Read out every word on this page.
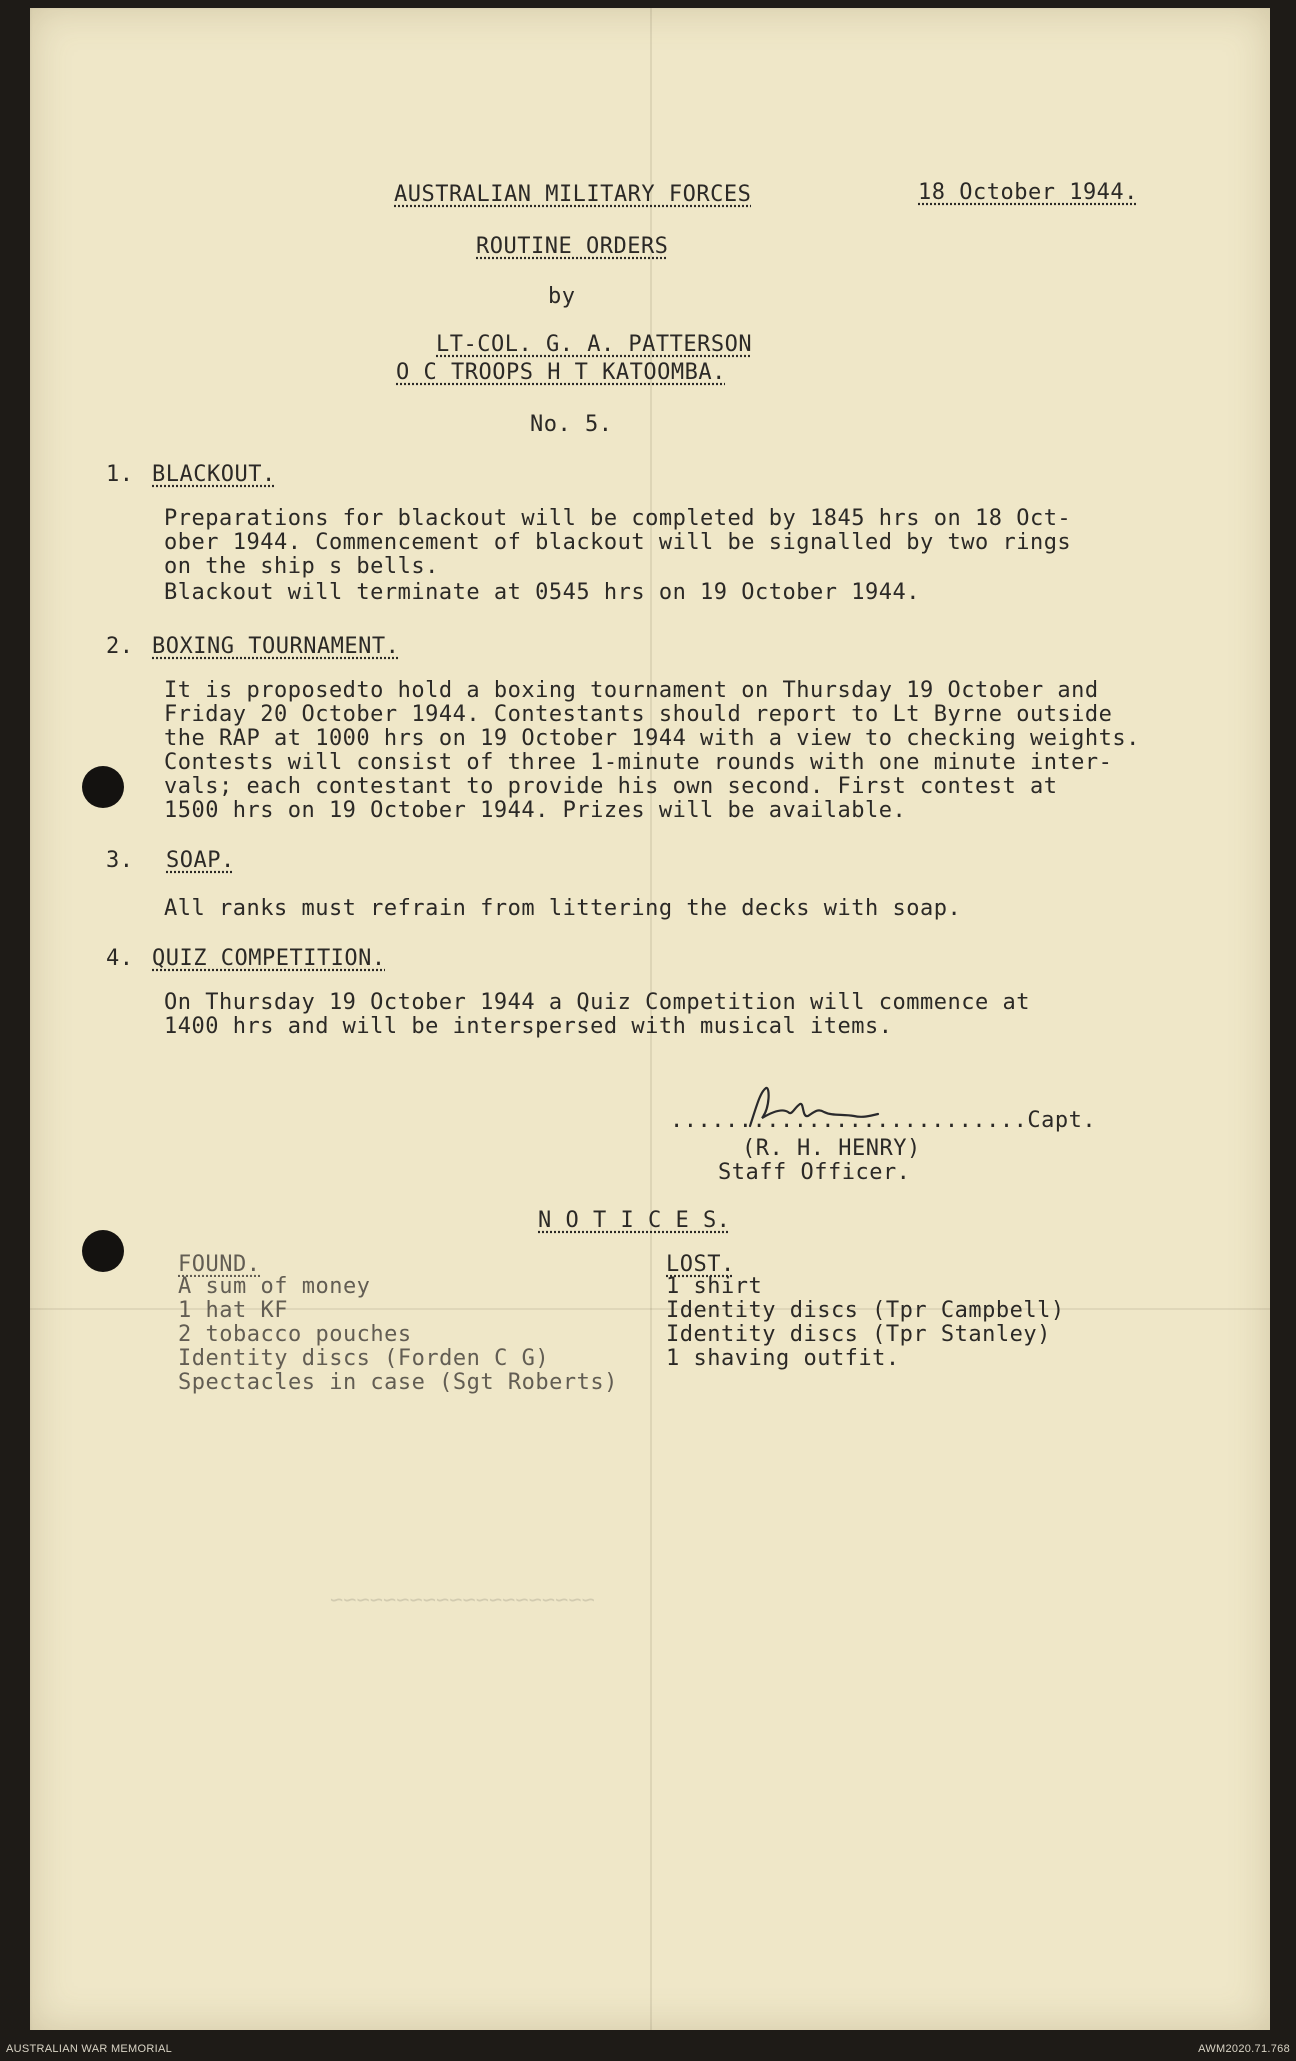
~~~~~~~~~~~~~~~~~~~~

AUSTRALIAN MILITARY FORCES	18 October 1944.

ROUTINE ORDERS

by

LT-COL. G. A. PATTERSON

O C TROOPS H T KATOOMBA.

No. 5.

1. BLACKOUT.

Preparations for blackout will be completed by 1845 hrs on 18 Oct-

ober 1944. Commencement of blackout will be signalled by two rings

on the ship s bells.

Blackout will terminate at 0545 hrs on 19 October 1944.

2. BOXING TOURNAMENT.

It is proposedto hold a boxing tournament on Thursday 19 October and

Friday 20 October 1944. Contestants should report to Lt Byrne outside

the RAP at 1000 hrs on 19 October 1944 with a view to checking weights.

Contests will consist of three 1-minute rounds with one minute inter-

vals; each contestant to provide his own second. First contest at

1500 hrs on 19 October 1944. Prizes will be available.

3. SOAP.

All ranks must refrain from littering the decks with soap.

4. QUIZ COMPETITION.

On Thursday 19 October 1944 a Quiz Competition will commence at

1400 hrs and will be interspersed with musical items.

..........................Capt.

(R. H. HENRY)

Staff Officer.

N O T I C E S.

FOUND.

A sum of money

1 hat KF

2 tobacco pouches

Identity discs (Forden C G)

Spectacles in case (Sgt Roberts)

LOST.

1 shirt

Identity discs (Tpr Campbell)

Identity discs (Tpr Stanley)

1 shaving outfit.

AUSTRALIAN WAR MEMORIAL	AWM2020.71.768
